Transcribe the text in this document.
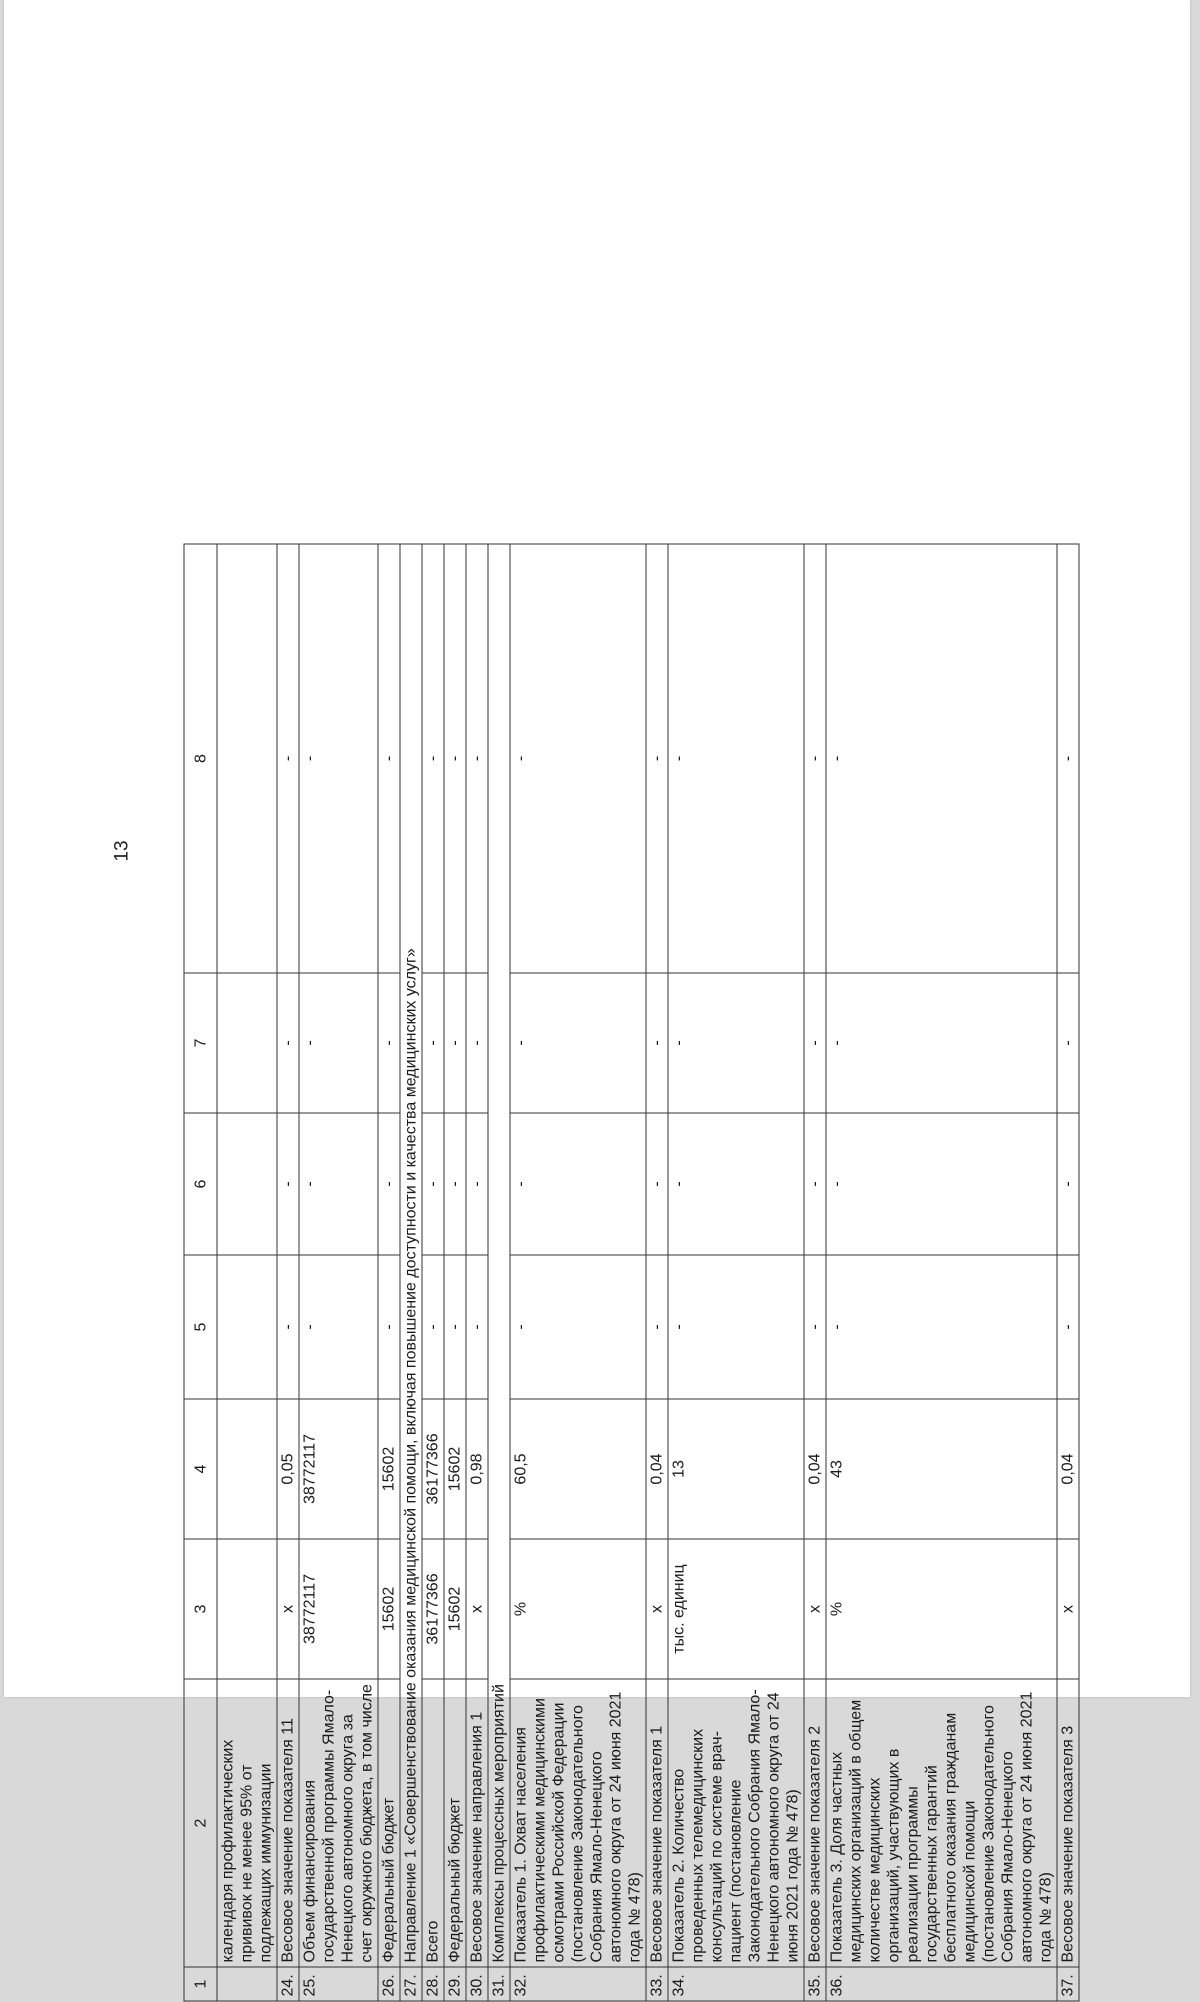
13
1	2	3	4	5	6	7	8
	календаря профилактических прививок не менее 95% от подлежащих иммунизации						
24.	Весовое значение показателя 11	x	0,05	-	-	-	-
25.	Объем финансирования государственной программы Ямало-Ненецкого автономного округа за счет окружного бюджета, в том числе	38772117	38772117	-	-	-	-
26.	Федеральный бюджет	15602	15602	-	-	-	-
27.	Направление 1 «Совершенствование оказания медицинской помощи, включая повышение доступности и качества медицинских услуг»						
28.	Всего	36177366	36177366	-	-	-	-
29.	Федеральный бюджет	15602	15602	-	-	-	-
30.	Весовое значение направления 1	x	0,98	-	-	-	-
31.	Комплексы процессных мероприятий						
32.	Показатель 1. Охват населения профилактическими медицинскими осмотрами Российской Федерации (постановление Законодательного Собрания Ямало-Ненецкого автономного округа от 24 июня 2021 года № 478)	%	60,5	-	-	-	-
33.	Весовое значение показателя 1	x	0,04	-	-	-	-
34.	Показатель 2. Количество проведенных телемедицинских консультаций по системе врач-пациент (постановление Законодательного Собрания Ямало-Ненецкого автономного округа от 24 июня 2021 года № 478)	тыс. единиц	13	-	-	-	-
35.	Весовое значение показателя 2	x	0,04	-	-	-	-
36.	Показатель 3. Доля частных медицинских организаций в общем количестве медицинских организаций, участвующих в реализации программы государственных гарантий бесплатного оказания гражданам медицинской помощи (постановление Законодательного Собрания Ямало-Ненецкого автономного округа от 24 июня 2021 года № 478)	%	43	-	-	-	-
37.	Весовое значение показателя 3	x	0,04	-	-	-	-
